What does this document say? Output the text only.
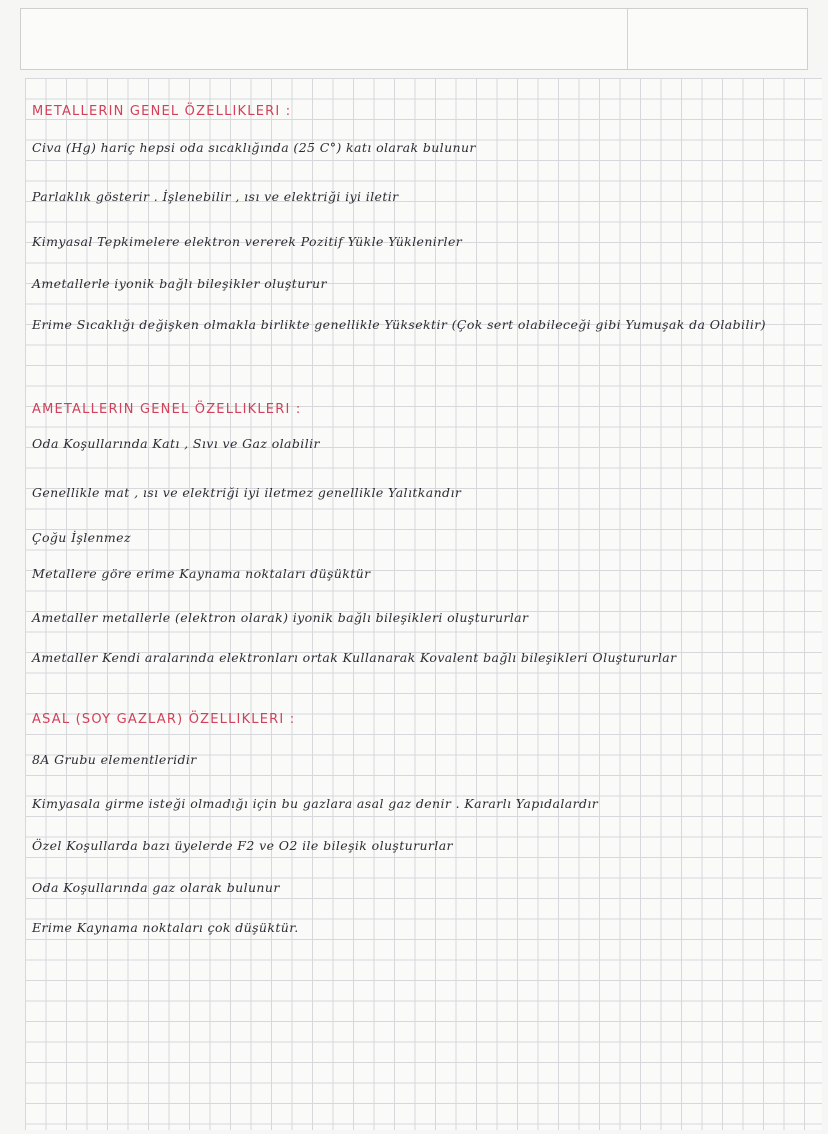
METALLERIN GENEL ÖZELLIKLERI :
Civa (Hg) hariç hepsi oda sıcaklığında (25 C°) katı olarak bulunur
Parlaklık gösterir . İşlenebilir , ısı ve elektriği iyi iletir
Kimyasal Tepkimelere elektron vererek Pozitif Yükle Yüklenirler
Ametallerle iyonik bağlı bileşikler oluşturur
Erime Sıcaklığı değişken olmakla birlikte genellikle Yüksektir (Çok sert olabileceği gibi Yumuşak da Olabilir)
AMETALLERIN GENEL ÖZELLIKLERI :
Oda Koşullarında Katı , Sıvı ve Gaz olabilir
Genellikle mat , ısı ve elektriği iyi iletmez genellikle Yalıtkandır
Çoğu İşlenmez
Metallere göre erime Kaynama noktaları düşüktür
Ametaller metallerle (elektron olarak) iyonik bağlı bileşikleri oluştururlar
Ametaller Kendi aralarında elektronları ortak Kullanarak Kovalent bağlı bileşikleri Oluştururlar
ASAL (SOY GAZLAR) ÖZELLIKLERI :
8A Grubu elementleridir
Kimyasala girme isteği olmadığı için bu gazlara asal gaz denir . Kararlı Yapıdalardır
Özel Koşullarda bazı üyelerde F2 ve O2 ile bileşik oluştururlar
Oda Koşullarında gaz olarak bulunur
Erime Kaynama noktaları çok düşüktür.
